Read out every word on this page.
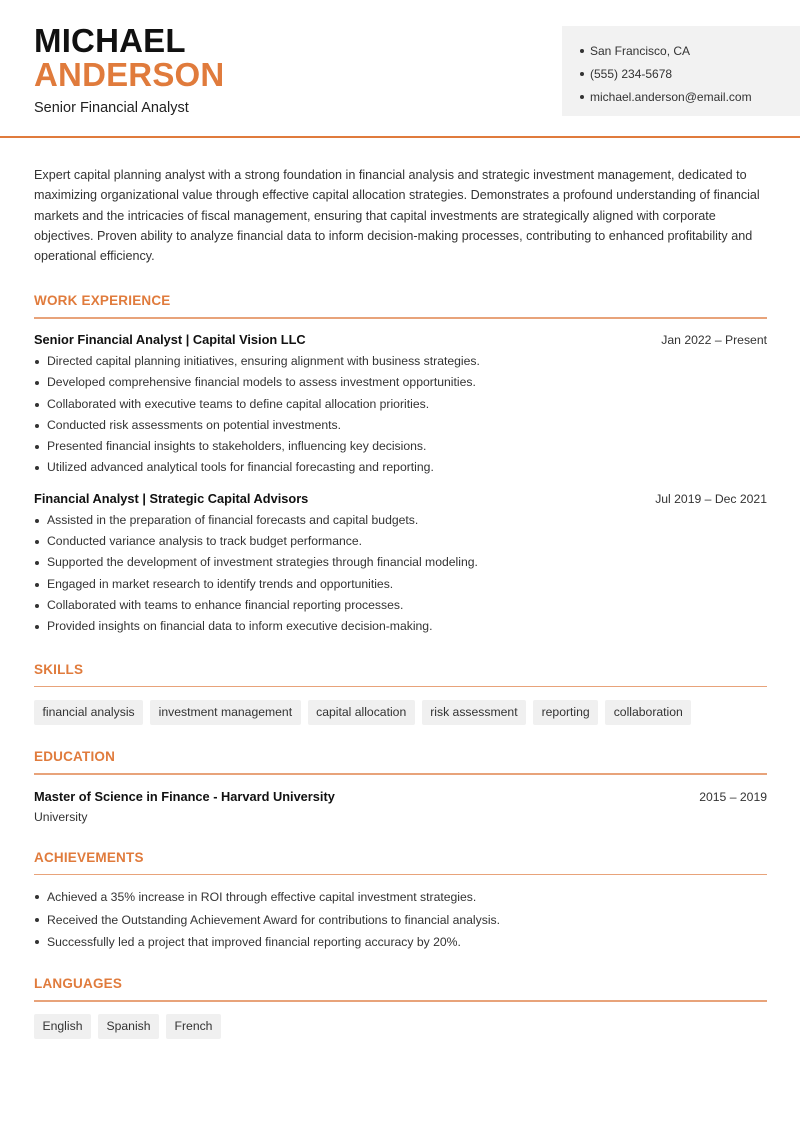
MICHAEL
ANDERSON
Senior Financial Analyst
San Francisco, CA
(555) 234-5678
michael.anderson@email.com

Expert capital planning analyst with a strong foundation in financial analysis and strategic investment management, dedicated to maximizing organizational value through effective capital allocation strategies. Demonstrates a profound understanding of financial markets and the intricacies of fiscal management, ensuring that capital investments are strategically aligned with corporate objectives. Proven ability to analyze financial data to inform decision-making processes, contributing to enhanced profitability and operational efficiency.

WORK EXPERIENCE
Senior Financial Analyst | Capital Vision LLC	Jan 2022 – Present
Directed capital planning initiatives, ensuring alignment with business strategies.
Developed comprehensive financial models to assess investment opportunities.
Collaborated with executive teams to define capital allocation priorities.
Conducted risk assessments on potential investments.
Presented financial insights to stakeholders, influencing key decisions.
Utilized advanced analytical tools for financial forecasting and reporting.
Financial Analyst | Strategic Capital Advisors	Jul 2019 – Dec 2021
Assisted in the preparation of financial forecasts and capital budgets.
Conducted variance analysis to track budget performance.
Supported the development of investment strategies through financial modeling.
Engaged in market research to identify trends and opportunities.
Collaborated with teams to enhance financial reporting processes.
Provided insights on financial data to inform executive decision-making.
SKILLS
financial analysis	investment management	capital allocation	risk assessment	reporting	collaboration
EDUCATION
Master of Science in Finance - Harvard University	2015 – 2019
University
ACHIEVEMENTS
Achieved a 35% increase in ROI through effective capital investment strategies.
Received the Outstanding Achievement Award for contributions to financial analysis.
Successfully led a project that improved financial reporting accuracy by 20%.
LANGUAGES
English	Spanish	French
